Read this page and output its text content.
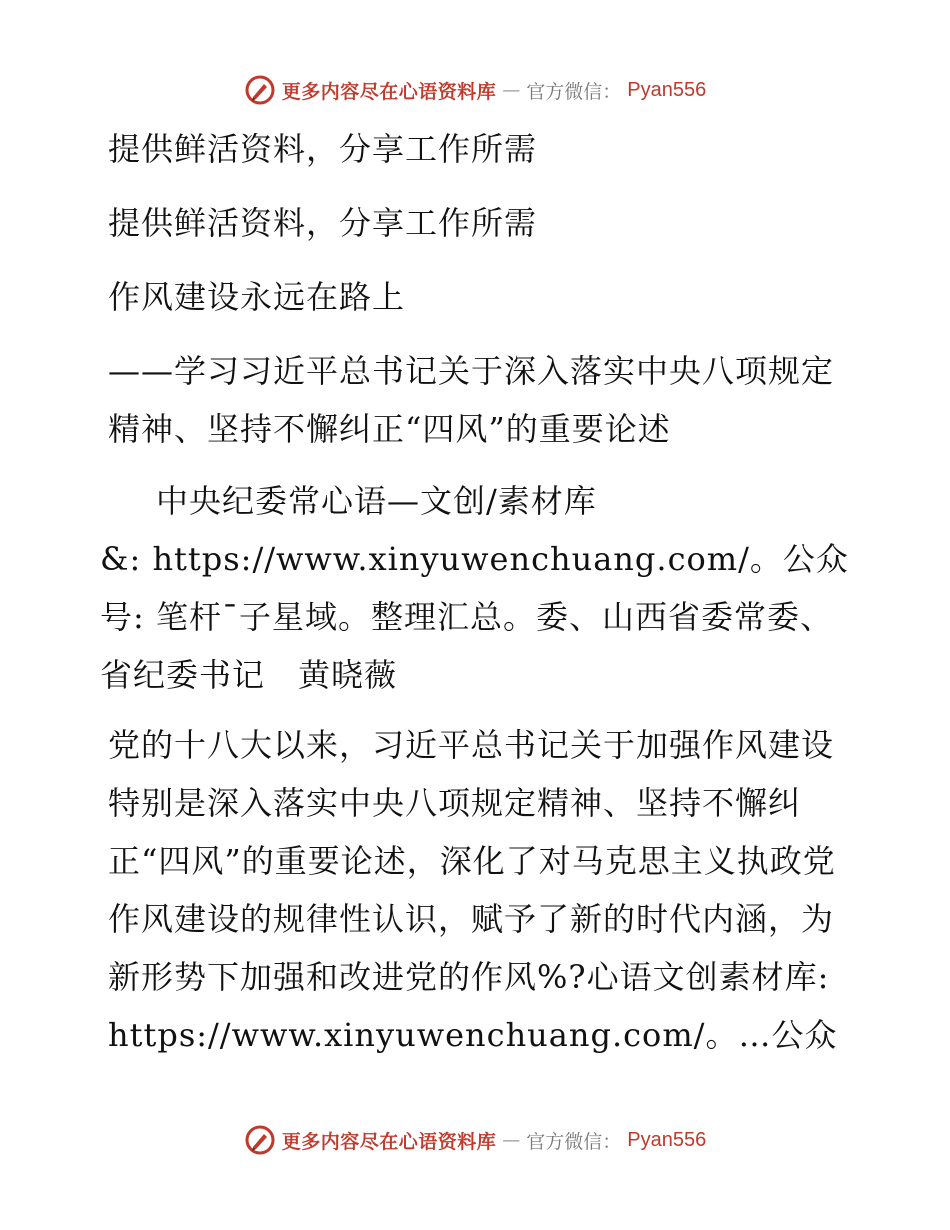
更多内容尽在心语资料库 — 官方微信： Pyan556

提供鲜活资料，分享工作所需

提供鲜活资料，分享工作所需

作风建设永远在路上

——学习习近平总书记关于深入落实中央八项规定精神、坚持不懈纠正“四风”的重要论述

中央纪委常心语—文创/素材库

&: https://www.xinyuwenchuang.com/。公众号: 笔杆¯子星域。整理汇总。委、山西省委常委、省纪委书记　黄晓薇

党的十八大以来，习近平总书记关于加强作风建设特别是深入落实中央八项规定精神、坚持不懈纠正“四风”的重要论述，深化了对马克思主义执政党作风建设的规律性认识，赋予了新的时代内涵，为新形势下加强和改进党的作风%?心语文创素材库: https://www.xinyuwenchuang.com/。…公众

更多内容尽在心语资料库 — 官方微信： Pyan556
